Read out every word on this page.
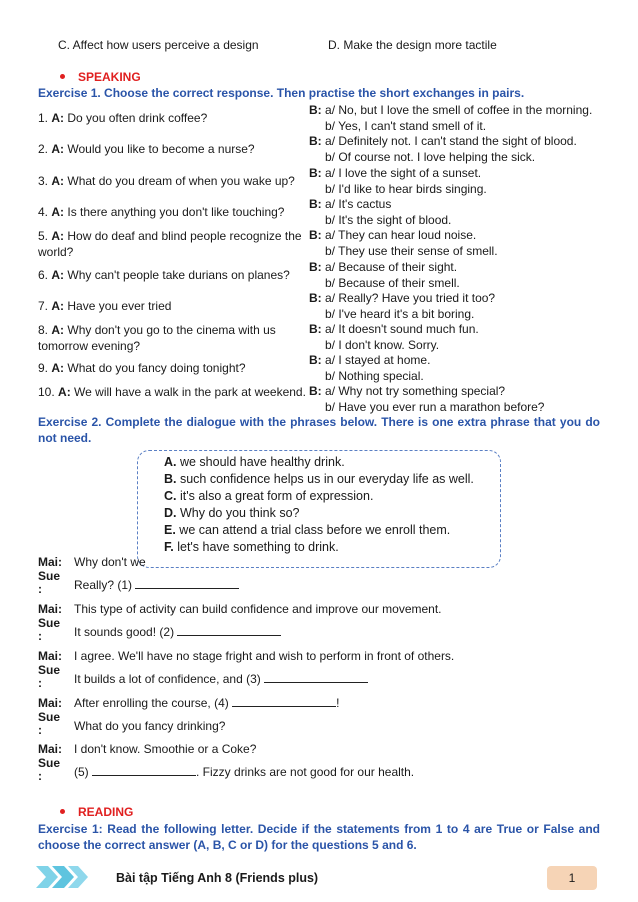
C. Affect how users perceive a design	D. Make the design more tactile
SPEAKING
Exercise 1. Choose the correct response. Then practise the short exchanges in pairs.
1. A: Do you often drink coffee?
B: a/ No, but I love the smell of coffee in the morning.
b/ Yes, I can't stand smell of it.
2. A: Would you like to become a nurse?
B: a/ Definitely not. I can't stand the sight of blood.
b/ Of course not. I love helping the sick.
3. A: What do you dream of when you wake up?
B: a/ I love the sight of a sunset.
b/ I'd like to hear birds singing.
4. A: Is there anything you don't like touching?
B: a/ It's cactus
b/ It's the sight of blood.
5. A: How do deaf and blind people recognize the world?
B: a/ They can hear loud noise.
b/ They use their sense of smell.
6. A: Why can't people take durians on planes?
B: a/ Because of their sight.
b/ Because of their smell.
7. A: Have you ever tried
B: a/ Really? Have you tried it too?
b/ I've heard it's a bit boring.
8. A: Why don't you go to the cinema with us tomorrow evening?
B: a/ It doesn't sound much fun.
b/ I don't know. Sorry.
9. A: What do you fancy doing tonight?
B: a/ I stayed at home.
b/ Nothing special.
10. A: We will have a walk in the park at weekend. B: a/ Why not try something special?
b/ Have you ever run a marathon before?
Exercise 2. Complete the dialogue with the phrases below. There is one extra phrase that you do not need.
A. we should have healthy drink.
B. such confidence helps us in our everyday life as well.
C. it's also a great form of expression.
D. Why do you think so?
E. we can attend a trial class before we enroll them.
F. let's have something to drink.
Mai:	Why don't we
Sue
:	Really? (1)
Mai:	This type of activity can build confidence and improve our movement.
Sue
:	It sounds good! (2)
Mai:	I agree. We'll have no stage fright and wish to perform in front of others.
Sue
:	It builds a lot of confidence, and (3)
Mai:	After enrolling the course, (4)	!
Sue
:	What do you fancy drinking?
Mai:	I don't know. Smoothie or a Coke?
Sue
:	(5)	. Fizzy drinks are not good for our health.
READING
Exercise 1: Read the following letter. Decide if the statements from 1 to 4 are True or False and choose the correct answer (A, B, C or D) for the questions 5 and 6.
Bài tập Tiếng Anh 8 (Friends plus)	1
